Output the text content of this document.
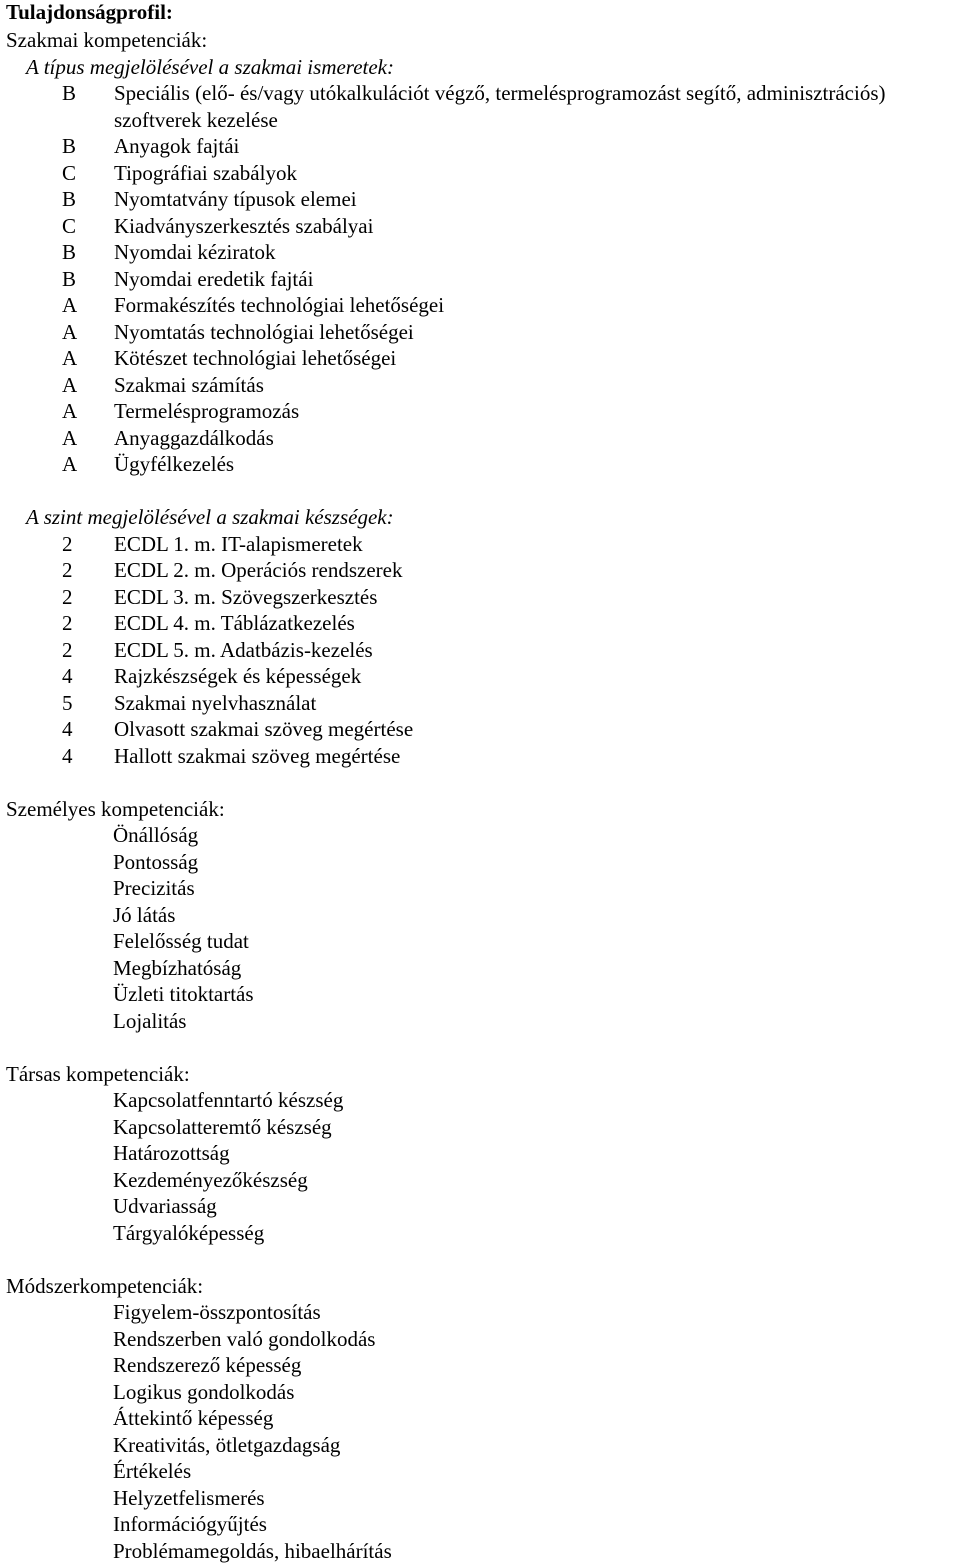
Tulajdonságprofil:
Szakmai kompetenciák:
A típus megjelölésével a szakmai ismeretek:
B	Speciális (elő- és/vagy utókalkulációt végző, termelésprogramozást segítő, adminisztrációs) szoftverek kezelése
B	Anyagok fajtái
C	Tipográfiai szabályok
B	Nyomtatvány típusok elemei
C	Kiadványszerkesztés szabályai
B	Nyomdai kéziratok
B	Nyomdai eredetik fajtái
A	Formakészítés technológiai lehetőségei
A	Nyomtatás technológiai lehetőségei
A	Kötészet technológiai lehetőségei
A	Szakmai számítás
A	Termelésprogramozás
A	Anyaggazdálkodás
A	Ügyfélkezelés
A szint megjelölésével a szakmai készségek:
2	ECDL 1. m. IT-alapismeretek
2	ECDL 2. m. Operációs rendszerek
2	ECDL 3. m. Szövegszerkesztés
2	ECDL 4. m. Táblázatkezelés
2	ECDL 5. m. Adatbázis-kezelés
4	Rajzkészségek és képességek
5	Szakmai nyelvhasználat
4	Olvasott szakmai szöveg megértése
4	Hallott szakmai szöveg megértése
Személyes kompetenciák:
Önállóság
Pontosság
Precizitás
Jó látás
Felelősség tudat
Megbízhatóság
Üzleti titoktartás
Lojalitás
Társas kompetenciák:
Kapcsolatfenntartó készség
Kapcsolatteremtő készség
Határozottság
Kezdeményezőkészség
Udvariasság
Tárgyalóképesség
Módszerkompetenciák:
Figyelem-összpontosítás
Rendszerben való gondolkodás
Rendszerező képesség
Logikus gondolkodás
Áttekintő képesség
Kreativitás, ötletgazdagság
Értékelés
Helyzetfelismerés
Információgyűjtés
Problémamegoldás, hibaelhárítás
